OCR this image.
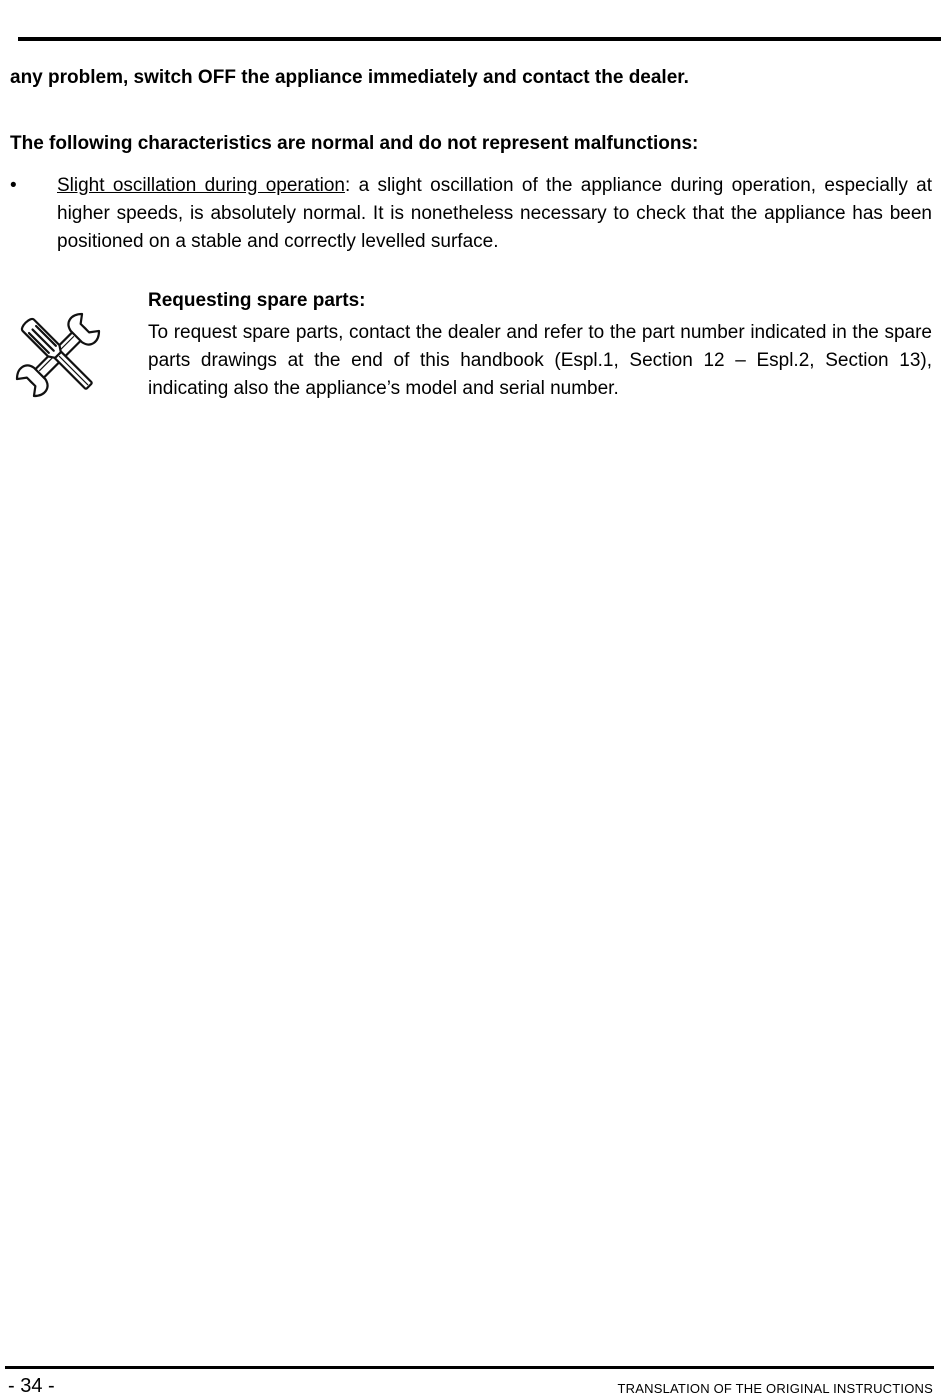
any problem, switch OFF the appliance immediately and contact the dealer.

The following characteristics are normal and do not represent malfunctions:

• Slight oscillation during operation: a slight oscillation of the appliance during operation, especially at higher speeds, is absolutely normal. It is nonetheless necessary to check that the appliance has been positioned on a stable and correctly levelled surface.
Requesting spare parts:
To request spare parts, contact the dealer and refer to the part number indicated in the spare parts drawings at the end of this handbook (Espl.1, Section 12 – Espl.2, Section 13), indicating also the appliance’s model and serial number.
- 34 -	TRANSLATION OF THE ORIGINAL INSTRUCTIONS
